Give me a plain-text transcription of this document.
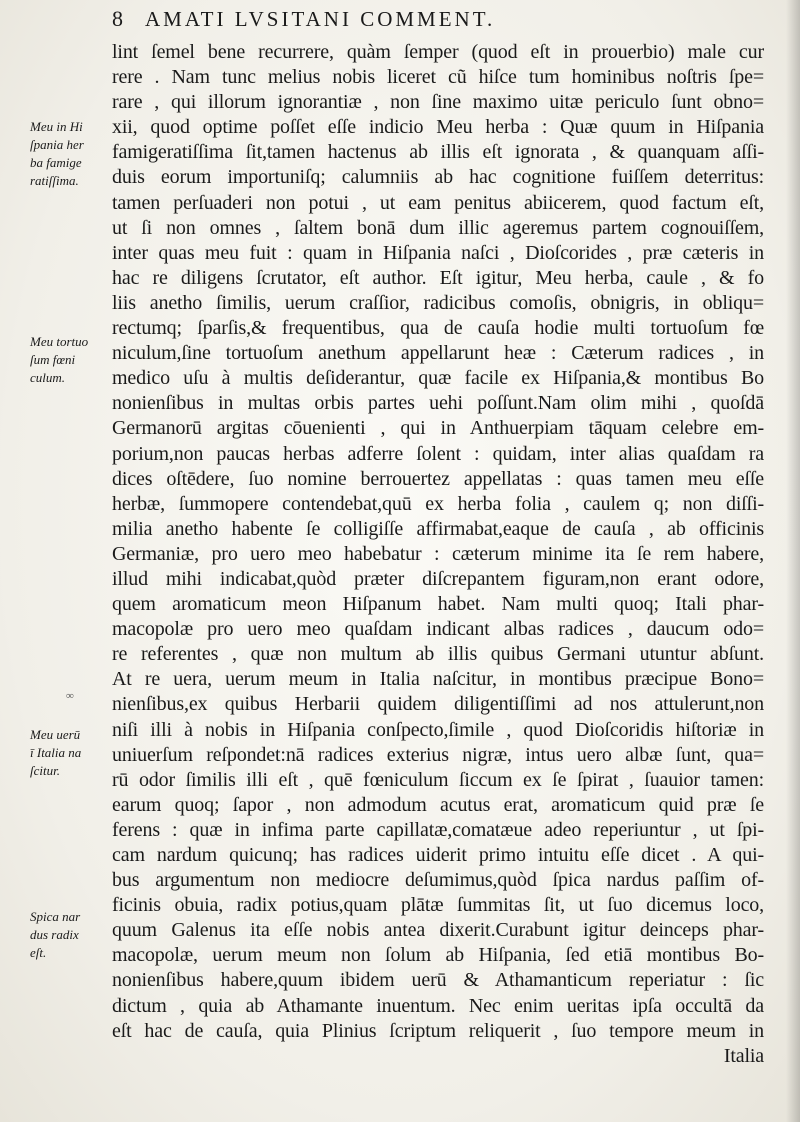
8 AMATI LVSITANI COMMENT.
lint ſemel bene recurrere, quàm ſemper (quod eſt in prouerbio) male cur
rere . Nam tunc melius nobis liceret cũ hiſce tum hominibus noſtris ſpe=
rare , qui illorum ignorantiæ , non ſine maximo uitæ periculo ſunt obno=
xii, quod optime poſſet eſſe indicio Meu herba : Quæ quum in Hiſpania
famigeratiſſima ſit,tamen hactenus ab illis eſt ignorata , & quanquam aſſi-
duis eorum importuniſq; calumniis ab hac cognitione fuiſſem deterritus:
tamen perſuaderi non potui , ut eam penitus abiicerem, quod factum eſt,
ut ſi non omnes , ſaltem bonā dum illic ageremus partem cognouiſſem,
inter quas meu fuit : quam in Hiſpania naſci , Dioſcorides , præ cæteris in
hac re diligens ſcrutator, eſt author. Eſt igitur, Meu herba, caule , & fo
liis anetho ſimilis, uerum craſſior, radicibus comoſis, obnigris, in obliqu=
rectumq; ſparſis,& frequentibus, qua de cauſa hodie multi tortuoſum fœ
niculum,ſine tortuoſum anethum appellarunt heæ : Cæterum radices , in
medico uſu à multis deſiderantur, quæ facile ex Hiſpania,& montibus Bo
nonienſibus in multas orbis partes uehi poſſunt.Nam olim mihi , quoſdā
Germanorū argitas cōuenienti , qui in Anthuerpiam tāquam celebre em-
porium,non paucas herbas adferre ſolent : quidam, inter alias quaſdam ra
dices oſtēdere, ſuo nomine berrouertez appellatas : quas tamen meu eſſe
herbæ, ſummopere contendebat,quū ex herba folia , caulem q; non diſſi-
milia anetho habente ſe colligiſſe affirmabat,eaque de cauſa , ab officinis
Germaniæ, pro uero meo habebatur : cæterum minime ita ſe rem habere,
illud mihi indicabat,quòd præter diſcrepantem figuram,non erant odore,
quem aromaticum meon Hiſpanum habet. Nam multi quoq; Itali phar-
macopolæ pro uero meo quaſdam indicant albas radices , daucum odo=
re referentes , quæ non multum ab illis quibus Germani utuntur abſunt.
At re uera, uerum meum in Italia naſcitur, in montibus præcipue Bono=
nienſibus,ex quibus Herbarii quidem diligentiſſimi ad nos attulerunt,non
niſi illi à nobis in Hiſpania conſpecto,ſimile , quod Dioſcoridis hiſtoriæ in
uniuerſum reſpondet:nā radices exterius nigræ, intus uero albæ ſunt, qua=
rū odor ſimilis illi eſt , quē fœniculum ſiccum ex ſe ſpirat , ſuauior tamen:
earum quoq; ſapor , non admodum acutus erat, aromaticum quid præ ſe
ferens : quæ in infima parte capillatæ,comatæue adeo reperiuntur , ut ſpi-
cam nardum quicunq; has radices uiderit primo intuitu eſſe dicet . A qui-
bus argumentum non mediocre deſumimus,quòd ſpica nardus paſſim of-
ficinis obuia, radix potius,quam plātæ ſummitas ſit, ut ſuo dicemus loco,
quum Galenus ita eſſe nobis antea dixerit.Curabunt igitur deinceps phar-
macopolæ, uerum meum non ſolum ab Hiſpania, ſed etiā montibus Bo-
nonienſibus habere,quum ibidem uerū & Athamanticum reperiatur : ſic
dictum , quia ab Athamante inuentum. Nec enim ueritas ipſa occultā da
eſt hac de cauſa, quia Plinius ſcriptum reliquerit , ſuo tempore meum in
Italia
Meu in Hi
ſpania her
ba famige
ratiſſima.
Meu tortuo
ſum fœni
culum.
Meu uerū
ī Italia na
ſcitur.
Spica nar
dus radix
eſt.
∞
